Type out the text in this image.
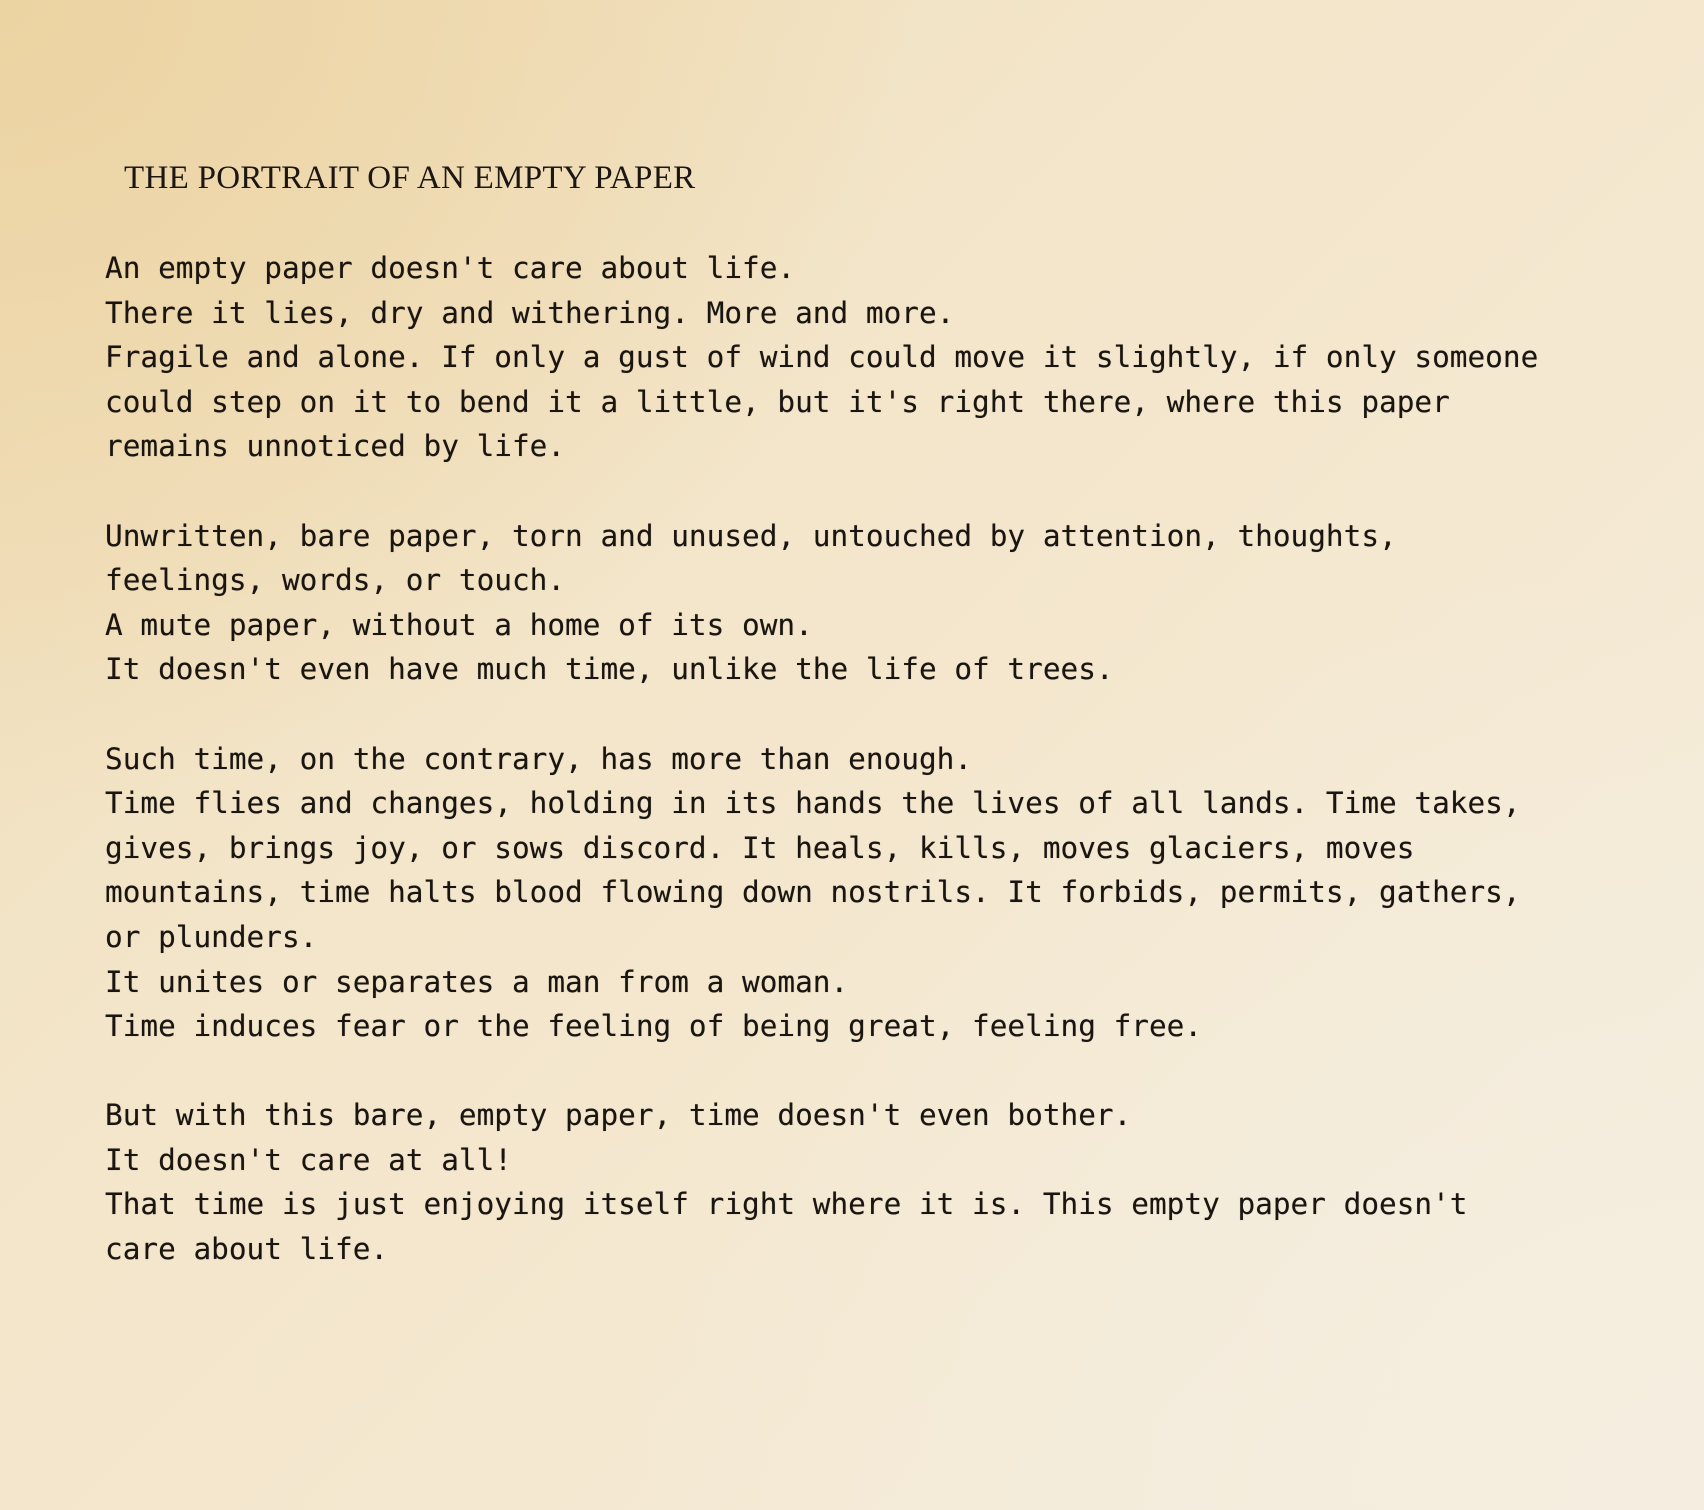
THE PORTRAIT OF AN EMPTY PAPER
An empty paper doesn't care about life.
There it lies, dry and withering. More and more.
Fragile and alone. If only a gust of wind could move it slightly, if only someone
could step on it to bend it a little, but it's right there, where this paper
remains unnoticed by life.
Unwritten, bare paper, torn and unused, untouched by attention, thoughts,
feelings, words, or touch.
A mute paper, without a home of its own.
It doesn't even have much time, unlike the life of trees.
Such time, on the contrary, has more than enough.
Time flies and changes, holding in its hands the lives of all lands. Time takes,
gives, brings joy, or sows discord. It heals, kills, moves glaciers, moves
mountains, time halts blood flowing down nostrils. It forbids, permits, gathers,
or plunders.
It unites or separates a man from a woman.
Time induces fear or the feeling of being great, feeling free.
But with this bare, empty paper, time doesn't even bother.
It doesn't care at all!
That time is just enjoying itself right where it is. This empty paper doesn't
care about life.
